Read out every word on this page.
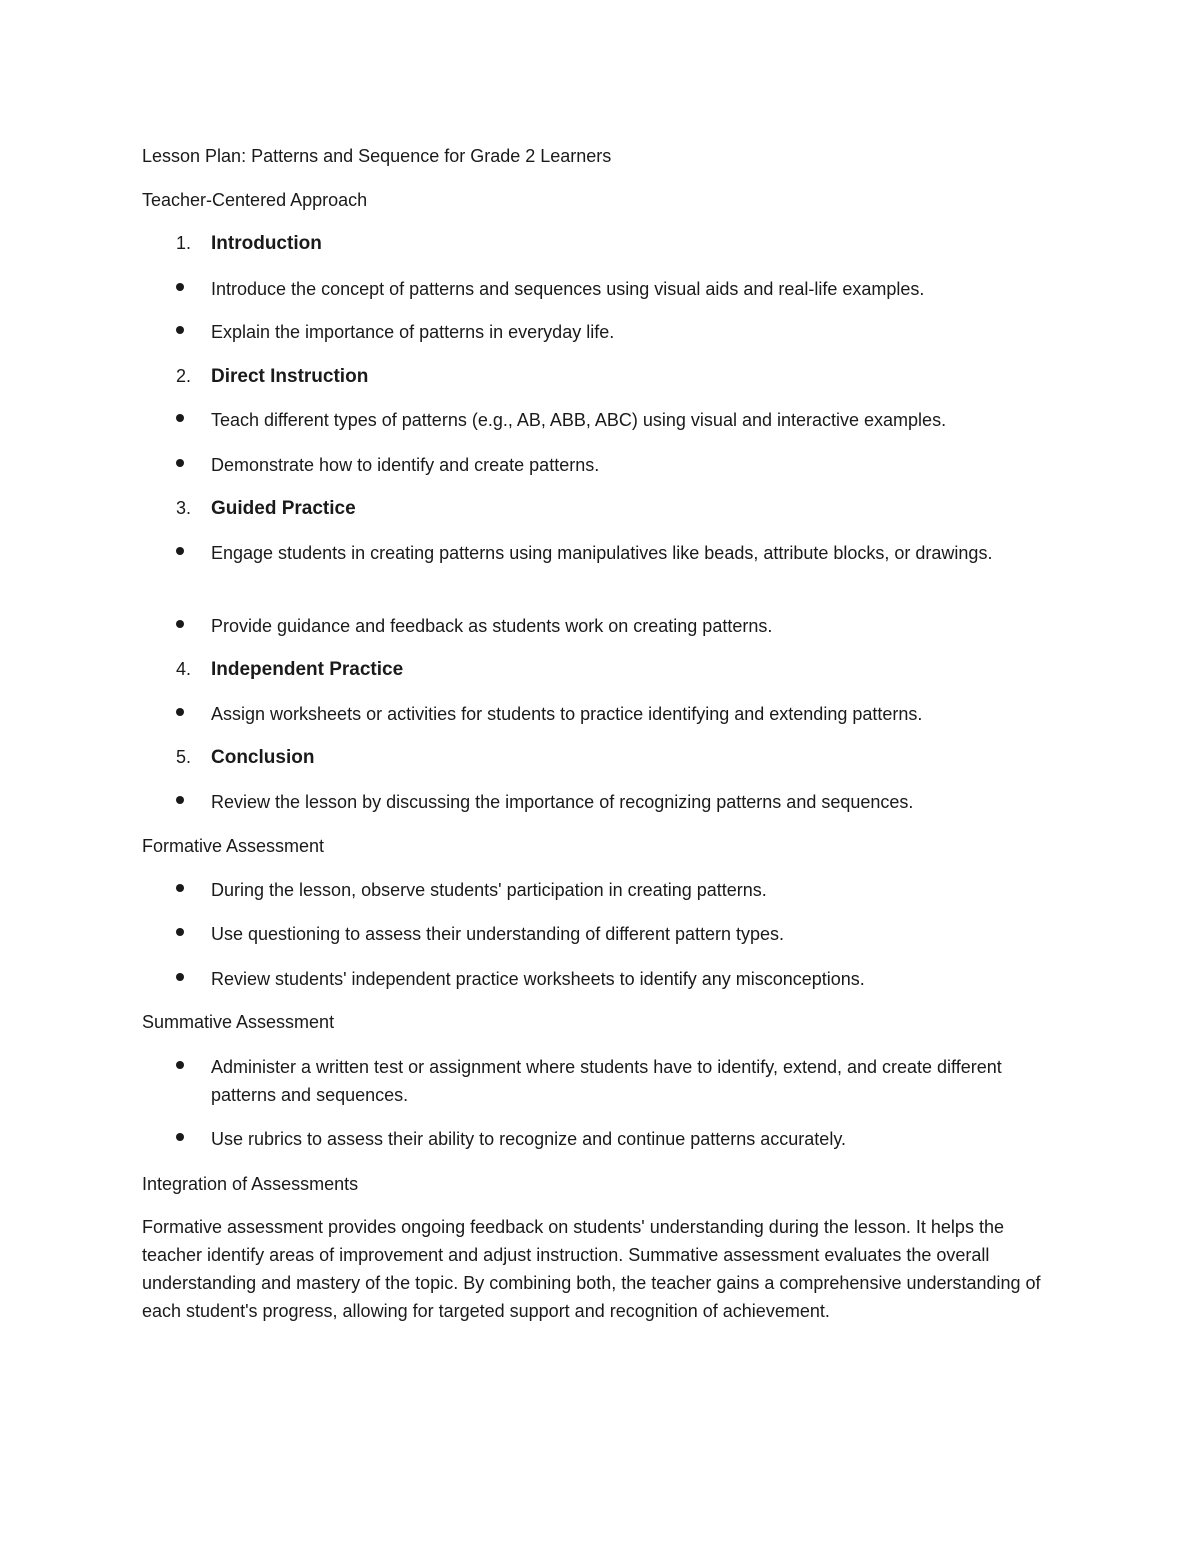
Lesson Plan: Patterns and Sequence for Grade 2 Learners

Teacher-Centered Approach

1. Introduction

Introduce the concept of patterns and sequences using visual aids and real-life examples.
Explain the importance of patterns in everyday life.

2. Direct Instruction

Teach different types of patterns (e.g., AB, ABB, ABC) using visual and interactive examples.
Demonstrate how to identify and create patterns.

3. Guided Practice

Engage students in creating patterns using manipulatives like beads, attribute blocks, or drawings.
Provide guidance and feedback as students work on creating patterns.

4. Independent Practice

Assign worksheets or activities for students to practice identifying and extending patterns.

5. Conclusion

Review the lesson by discussing the importance of recognizing patterns and sequences.

Formative Assessment

During the lesson, observe students' participation in creating patterns.
Use questioning to assess their understanding of different pattern types.
Review students' independent practice worksheets to identify any misconceptions.

Summative Assessment

Administer a written test or assignment where students have to identify, extend, and create different patterns and sequences.
Use rubrics to assess their ability to recognize and continue patterns accurately.

Integration of Assessments

Formative assessment provides ongoing feedback on students' understanding during the lesson. It helps the teacher identify areas of improvement and adjust instruction. Summative assessment evaluates the overall understanding and mastery of the topic. By combining both, the teacher gains a comprehensive understanding of each student's progress, allowing for targeted support and recognition of achievement.
